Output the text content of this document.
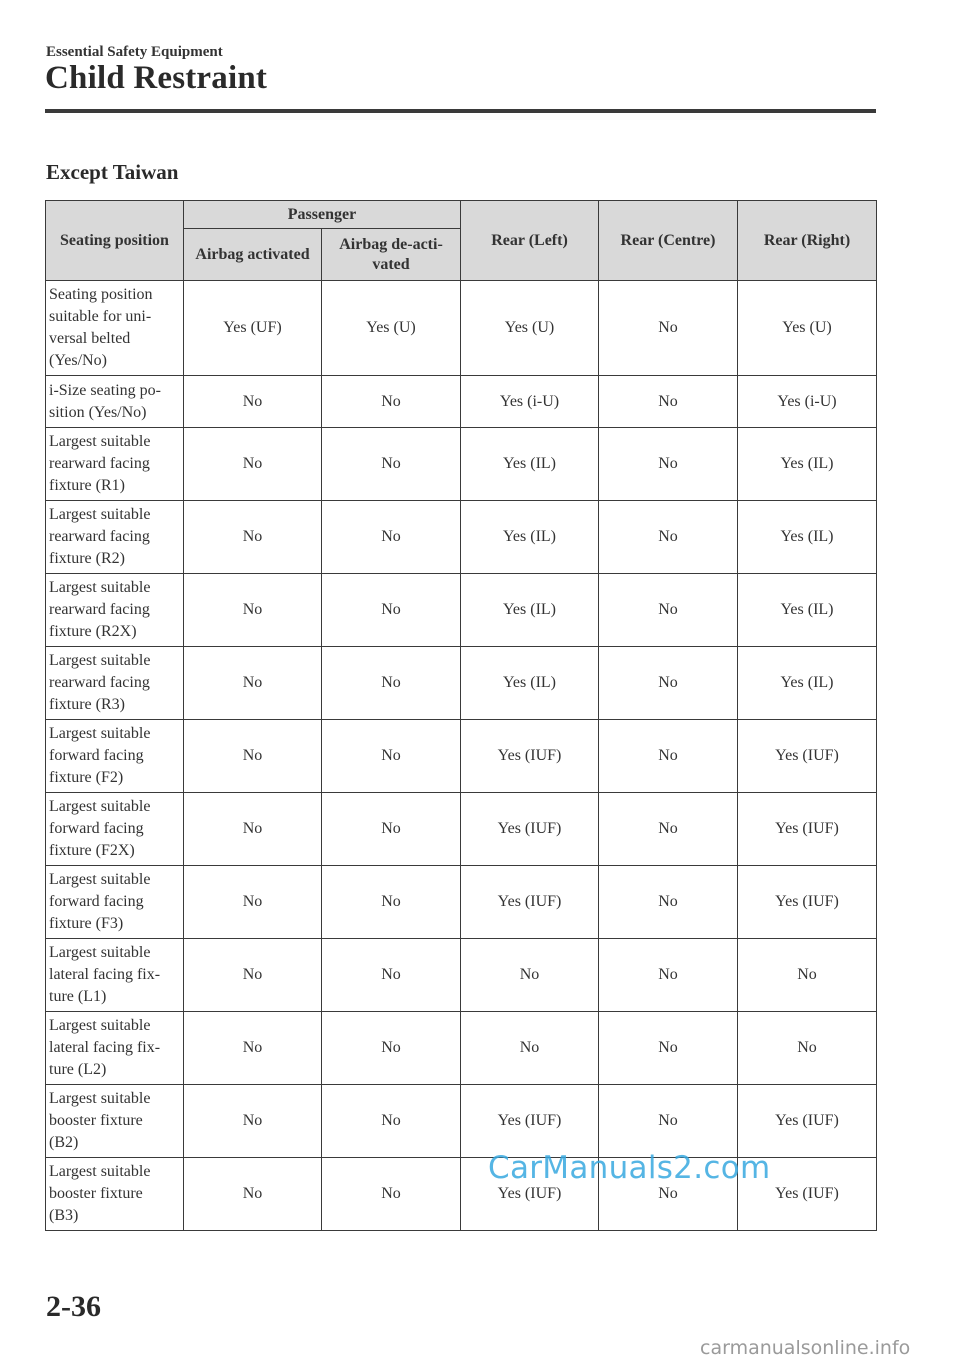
Essential Safety Equipment
Child Restraint
Except Taiwan
Seating position	Passenger		Rear (Left)	Rear (Centre)	Rear (Right)
	Airbag activated	Airbag de-acti-
vated			
Seating position
suitable for uni-
versal belted
(Yes/No)	Yes (UF)	Yes (U)	Yes (U)	No	Yes (U)
i-Size seating po-
sition (Yes/No)	No	No	Yes (i-U)	No	Yes (i-U)
Largest suitable
rearward facing
fixture (R1)	No	No	Yes (IL)	No	Yes (IL)
Largest suitable
rearward facing
fixture (R2)	No	No	Yes (IL)	No	Yes (IL)
Largest suitable
rearward facing
fixture (R2X)	No	No	Yes (IL)	No	Yes (IL)
Largest suitable
rearward facing
fixture (R3)	No	No	Yes (IL)	No	Yes (IL)
Largest suitable
forward facing
fixture (F2)	No	No	Yes (IUF)	No	Yes (IUF)
Largest suitable
forward facing
fixture (F2X)	No	No	Yes (IUF)	No	Yes (IUF)
Largest suitable
forward facing
fixture (F3)	No	No	Yes (IUF)	No	Yes (IUF)
Largest suitable
lateral facing fix-
ture (L1)	No	No	No	No	No
Largest suitable
lateral facing fix-
ture (L2)	No	No	No	No	No
Largest suitable
booster fixture
(B2)	No	No	Yes (IUF)	No	Yes (IUF)
Largest suitable
booster fixture
(B3)	No	No	Yes (IUF)	No	Yes (IUF)
CarManuals2.com
2-36
carmanualsonline.info
